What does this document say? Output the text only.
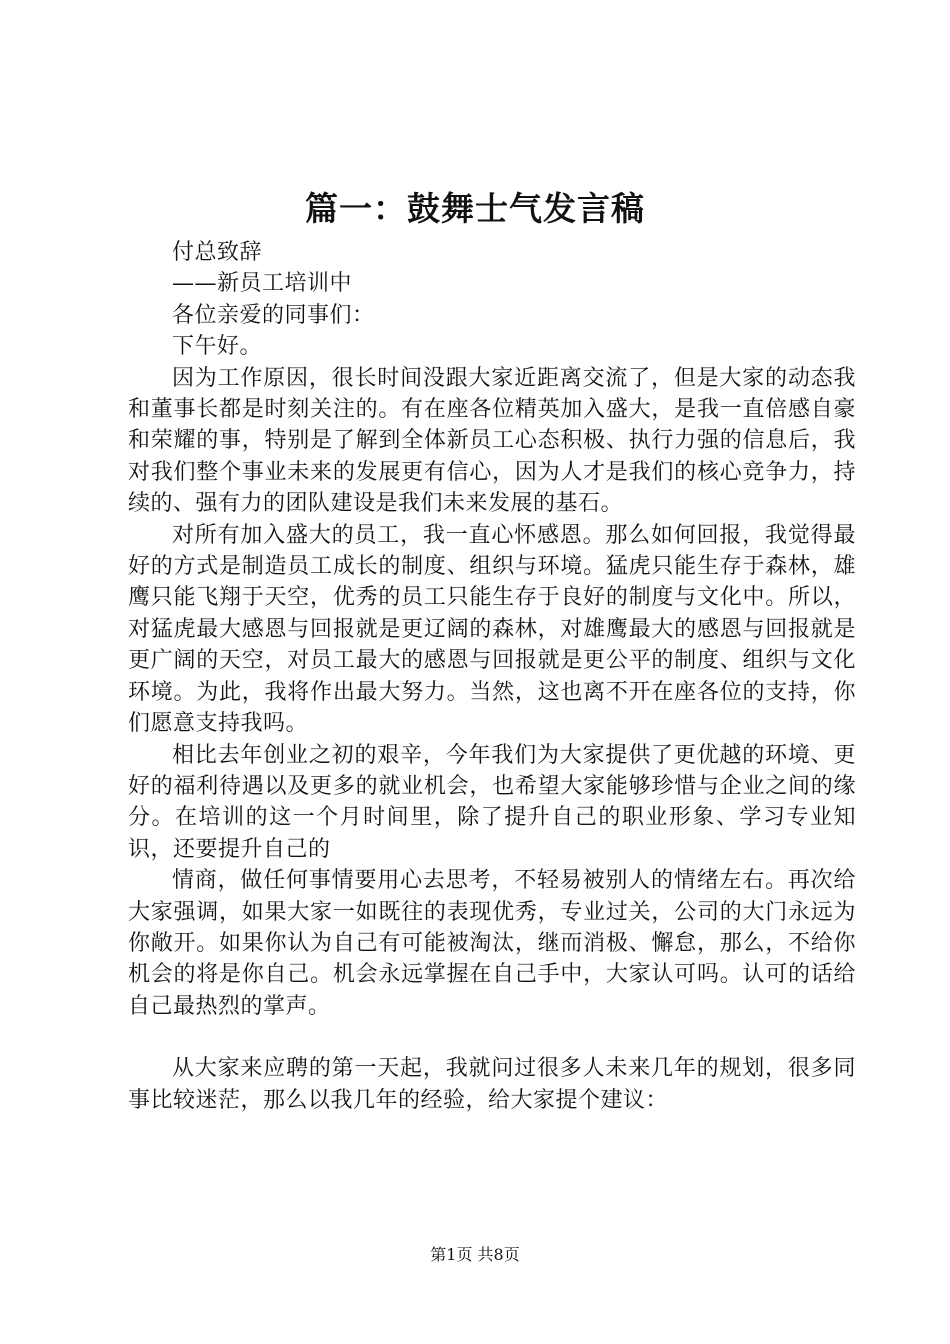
篇一：鼓舞士气发言稿

付总致辞

——新员工培训中

各位亲爱的同事们：

下午好。

因为工作原因，很长时间没跟大家近距离交流了，但是大家的动态我和董事长都是时刻关注的。有在座各位精英加入盛大，是我一直倍感自豪和荣耀的事，特别是了解到全体新员工心态积极、执行力强的信息后，我对我们整个事业未来的发展更有信心，因为人才是我们的核心竞争力，持续的、强有力的团队建设是我们未来发展的基石。

对所有加入盛大的员工，我一直心怀感恩。那么如何回报，我觉得最好的方式是制造员工成长的制度、组织与环境。猛虎只能生存于森林，雄鹰只能飞翔于天空，优秀的员工只能生存于良好的制度与文化中。所以，对猛虎最大感恩与回报就是更辽阔的森林，对雄鹰最大的感恩与回报就是更广阔的天空，对员工最大的感恩与回报就是更公平的制度、组织与文化环境。为此，我将作出最大努力。当然，这也离不开在座各位的支持，你们愿意支持我吗。

相比去年创业之初的艰辛，今年我们为大家提供了更优越的环境、更好的福利待遇以及更多的就业机会，也希望大家能够珍惜与企业之间的缘分。在培训的这一个月时间里，除了提升自己的职业形象、学习专业知识，还要提升自己的

情商，做任何事情要用心去思考，不轻易被别人的情绪左右。再次给大家强调，如果大家一如既往的表现优秀，专业过关，公司的大门永远为你敞开。如果你认为自己有可能被淘汰，继而消极、懈怠，那么，不给你机会的将是你自己。机会永远掌握在自己手中，大家认可吗。认可的话给自己最热烈的掌声。

从大家来应聘的第一天起，我就问过很多人未来几年的规划，很多同事比较迷茫，那么以我几年的经验，给大家提个建议：

第1页 共8页
